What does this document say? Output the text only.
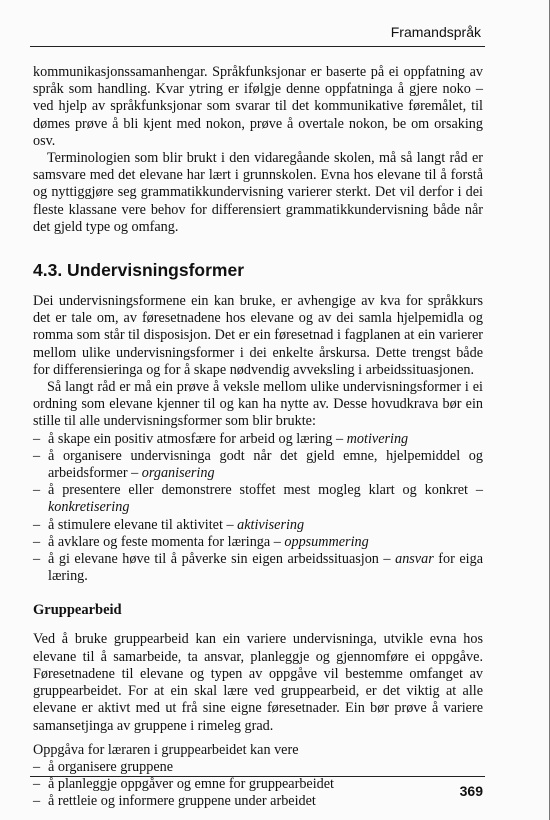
Framandspråk

kommunikasjonssamanhengar. Språkfunksjonar er baserte på ei oppfatning av språk som handling. Kvar ytring er ifølgje denne oppfatninga å gjere noko – ved hjelp av språkfunksjonar som svarar til det kommunikative føremålet, til dømes prøve å bli kjent med nokon, prøve å overtale nokon, be om orsaking osv.

Terminologien som blir brukt i den vidaregåande skolen, må så langt råd er samsvare med det elevane har lært i grunnskolen. Evna hos elevane til å forstå og nyttiggjøre seg grammatikkundervisning varierer sterkt. Det vil derfor i dei fleste klassane vere behov for differensiert grammatikkundervisning både når det gjeld type og omfang.

4.3. Undervisningsformer

Dei undervisningsformene ein kan bruke, er avhengige av kva for språkkurs det er tale om, av føresetnadene hos elevane og av dei samla hjelpemidla og romma som står til disposisjon. Det er ein føresetnad i fagplanen at ein varierer mellom ulike undervisningsformer i dei enkelte årskursa. Dette trengst både for differensieringa og for å skape nødvendig avveksling i arbeidssituasjonen.

Så langt råd er må ein prøve å veksle mellom ulike undervisningsformer i ei ordning som elevane kjenner til og kan ha nytte av. Desse hovudkrava bør ein stille til alle undervisningsformer som blir brukte:

– å skape ein positiv atmosfære for arbeid og læring – motivering
– å organisere undervisninga godt når det gjeld emne, hjelpemiddel og arbeidsformer – organisering
– å presentere eller demonstrere stoffet mest mogleg klart og konkret – konkretisering
– å stimulere elevane til aktivitet – aktivisering
– å avklare og feste momenta for læringa – oppsummering
– å gi elevane høve til å påverke sin eigen arbeidssituasjon – ansvar for eiga læring.
Gruppearbeid

Ved å bruke gruppearbeid kan ein variere undervisninga, utvikle evna hos elevane til å samarbeide, ta ansvar, planleggje og gjennomføre ei oppgåve. Føresetnadene til elevane og typen av oppgåve vil bestemme omfanget av gruppearbeidet. For at ein skal lære ved gruppearbeid, er det viktig at alle elevane er aktivt med ut frå sine eigne føresetnader. Ein bør prøve å variere samansetjinga av gruppene i rimeleg grad.

Oppgåva for læraren i gruppearbeidet kan vere

– å organisere gruppene
– å planleggje oppgåver og emne for gruppearbeidet
– å rettleie og informere gruppene under arbeidet
369
